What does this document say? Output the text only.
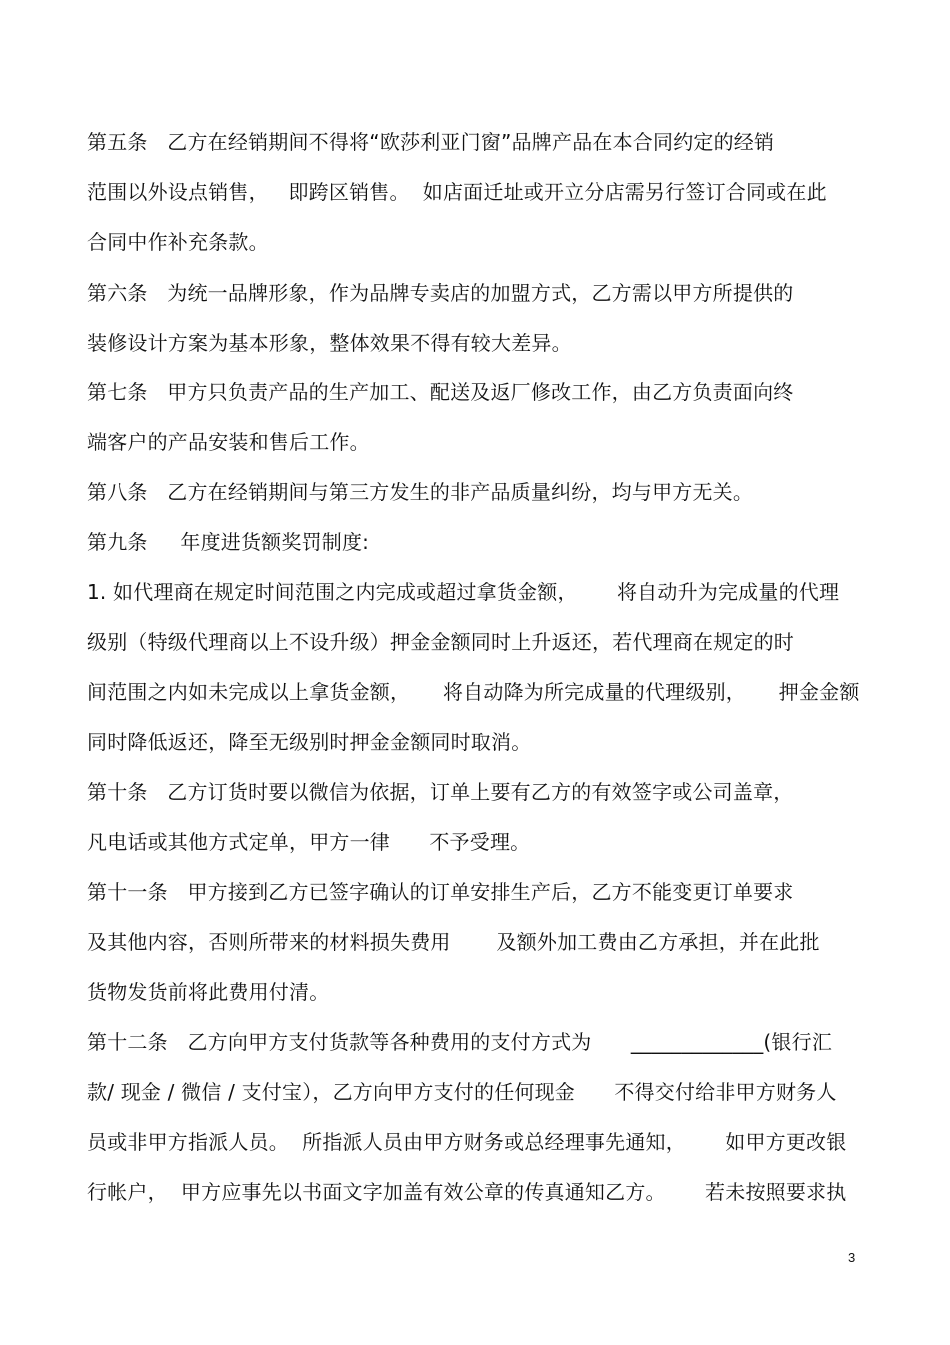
第五条   乙方在经销期间不得将“欧莎利亚门窗”品牌产品在本合同约定的经销
范围以外设点销售，   即跨区销售。  如店面迁址或开立分店需另行签订合同或在此
合同中作补充条款。
第六条   为统一品牌形象，作为品牌专卖店的加盟方式，乙方需以甲方所提供的
装修设计方案为基本形象，整体效果不得有较大差异。
第七条   甲方只负责产品的生产加工、配送及返厂修改工作，由乙方负责面向终
端客户的产品安装和售后工作。
第八条   乙方在经销期间与第三方发生的非产品质量纠纷，均与甲方无关。
第九条     年度进货额奖罚制度:
1. 如代理商在规定时间范围之内完成或超过拿货金额，      将自动升为完成量的代理
级别（特级代理商以上不设升级）押金金额同时上升返还，若代理商在规定的时
间范围之内如未完成以上拿货金额，     将自动降为所完成量的代理级别，     押金金额
同时降低返还，降至无级别时押金金额同时取消。
第十条   乙方订货时要以微信为依据，订单上要有乙方的有效签字或公司盖章，
凡电话或其他方式定单，甲方一律      不予受理。
第十一条   甲方接到乙方已签字确认的订单安排生产后，乙方不能变更订单要求
及其他内容，否则所带来的材料损失费用       及额外加工费由乙方承担，并在此批
货物发货前将此费用付清。
第十二条   乙方向甲方支付货款等各种费用的支付方式为      _____________(银行汇
款/ 现金 / 微信 / 支付宝），乙方向甲方支付的任何现金      不得交付给非甲方财务人
员或非甲方指派人员。  所指派人员由甲方财务或总经理事先通知，      如甲方更改银
行帐户，  甲方应事先以书面文字加盖有效公章的传真通知乙方。      若未按照要求执
3
